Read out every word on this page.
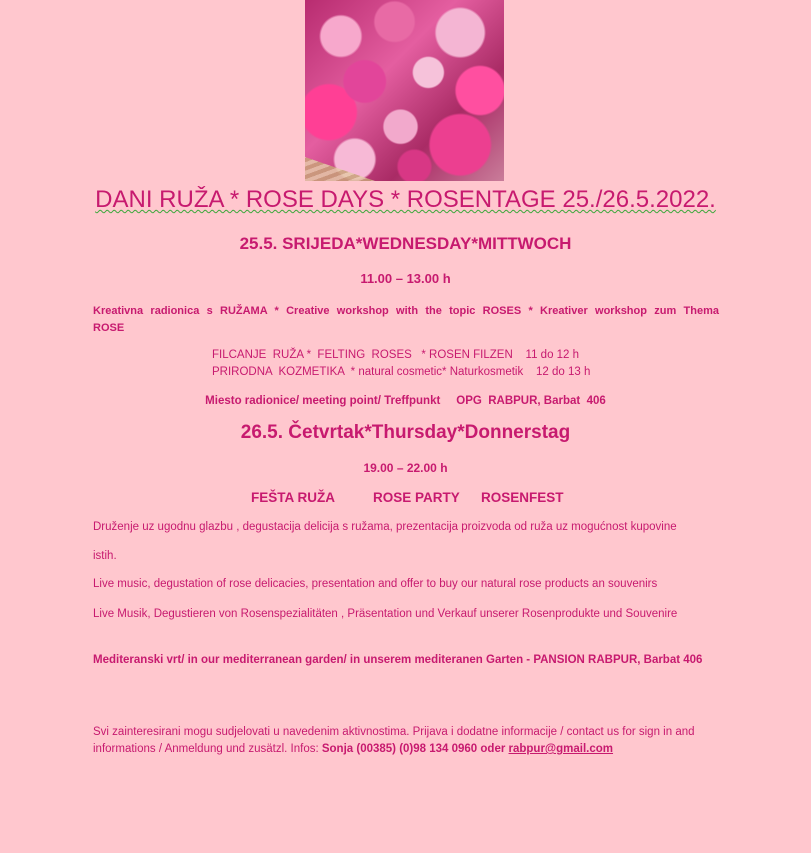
DANI RUŽA * ROSE DAYS * ROSENTAGE 25./26.5.2022.
25.5. SRIJEDA*WEDNESDAY*MITTWOCH
11.00 – 13.00 h
Kreativna radionica s RUŽAMA * Creative workshop with the topic ROSES * Kreativer workshop zum Thema
ROSE
FILCANJE  RUŽA *  FELTING  ROSES   * ROSEN FILZEN    11 do 12 h
PRIRODNA  KOZMETIKA  * natural cosmetic* Naturkosmetik    12 do 13 h
Miesto radionice/ meeting point/ Treffpunkt     OPG  RABPUR, Barbat  406
26.5. Četvrtak*Thursday*Donnerstag
19.00 – 22.00 h
FEŠTA RUŽA	ROSE PARTY ROSENFEST
Druženje uz ugodnu glazbu , degustacija delicija s ružama, prezentacija proizvoda od ruža uz mogućnost kupovine
istih.
Live music, degustation of rose delicacies, presentation and offer to buy our natural rose products an souvenirs
Live Musik, Degustieren von Rosenspezialitäten , Präsentation und Verkauf unserer Rosenprodukte und Souvenire
Mediteranski vrt/ in our mediterranean garden/ in unserem mediteranen Garten - PANSION RABPUR, Barbat 406
Svi zainteresirani mogu sudjelovati u navedenim aktivnostima. Prijava i dodatne informacije / contact us for sign in and informations / Anmeldung und zusätzl. Infos: Sonja (00385) (0)98 134 0960 oder rabpur@gmail.com
